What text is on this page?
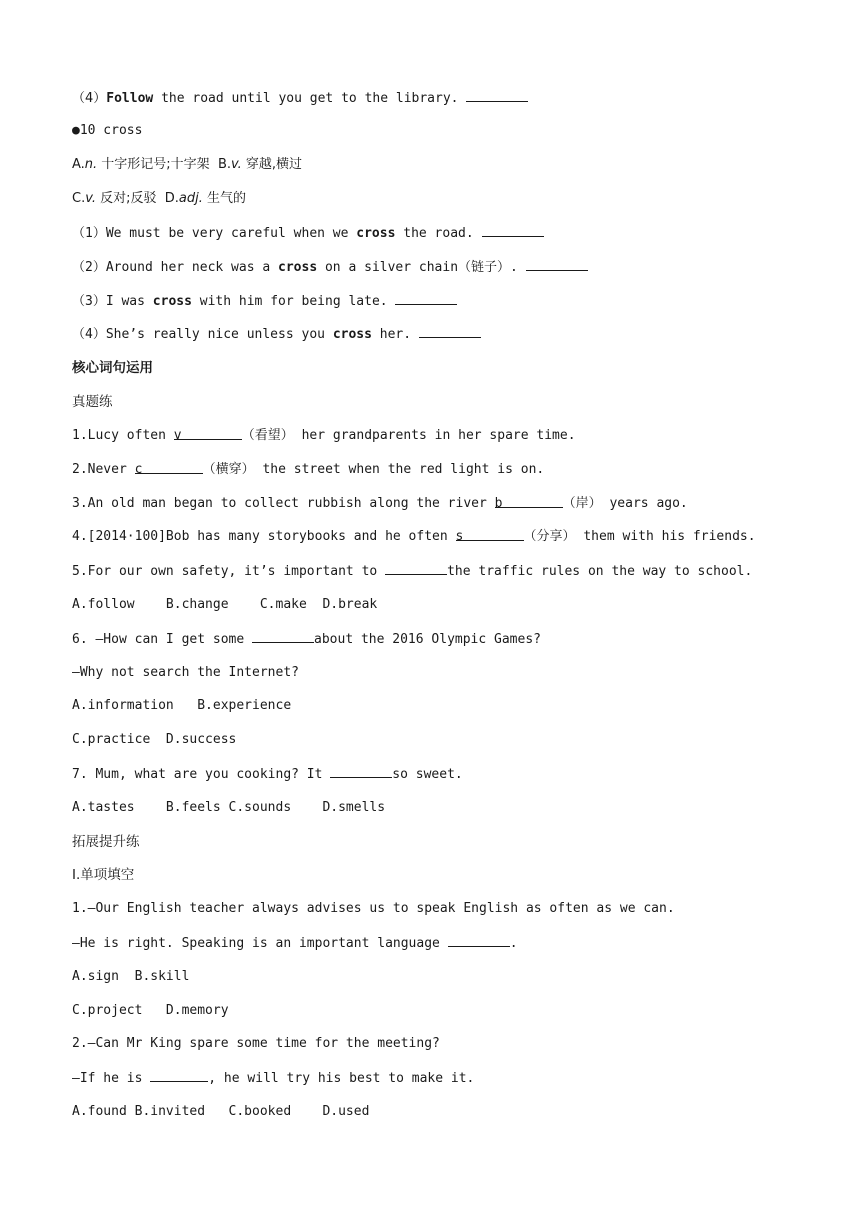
（4）Follow the road until you get to the library.
●10 cross
A.n. 十字形记号;十字架  B.v. 穿越,横过
C.v. 反对;反驳  D.adj. 生气的
（1）We must be very careful when we cross the road.
（2）Around her neck was a cross on a silver chain（链子）.
（3）I was cross with him for being late.
（4）She’s really nice unless you cross her.
核心词句运用
真题练
1.Lucy often v	（看望） her grandparents in her spare time.
2.Never c	（横穿） the street when the red light is on.
3.An old man began to collect rubbish along the river b	（岸） years ago.
4.[2014·100]Bob has many storybooks and he often s	（分享） them with his friends.
5.For our own safety, it’s important to	the traffic rules on the way to school.
A.follow    B.change    C.make  D.break
6. —How can I get some	about the 2016 Olympic Games?
—Why not search the Internet?
A.information   B.experience
C.practice  D.success
7. Mum, what are you cooking? It	so sweet.
A.tastes    B.feels C.sounds    D.smells
拓展提升练
Ⅰ.单项填空
1.—Our English teacher always advises us to speak English as often as we can.
—He is right. Speaking is an important language	.
A.sign  B.skill
C.project   D.memory
2.—Can Mr King spare some time for the meeting?
—If he is	, he will try his best to make it.
A.found B.invited   C.booked    D.used
